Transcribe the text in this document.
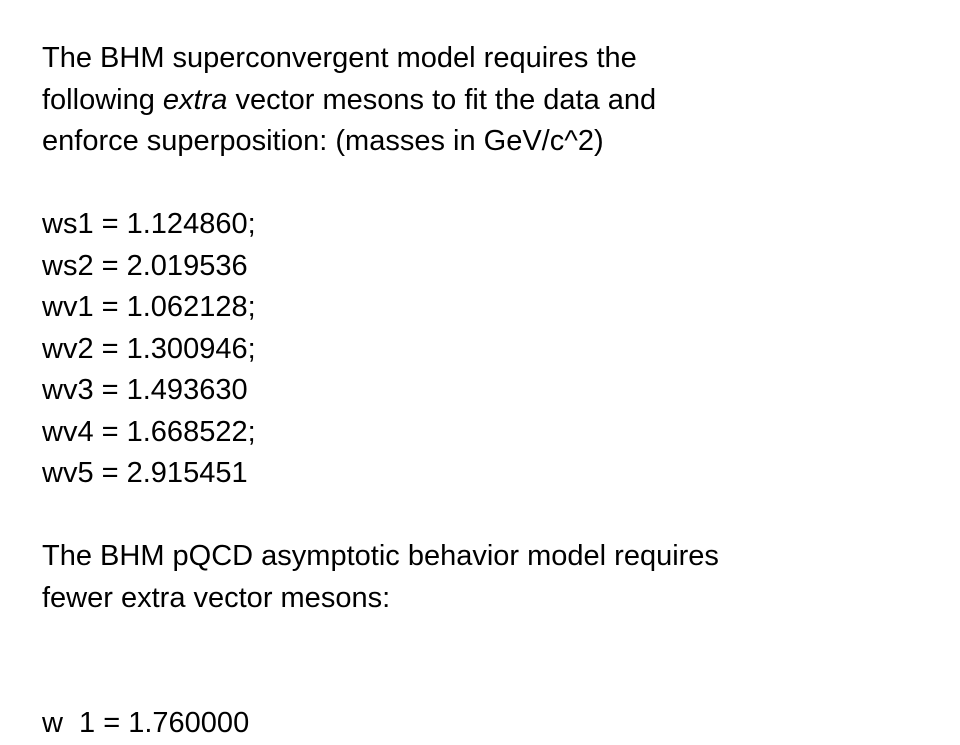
The BHM superconvergent model requires the
following extra vector mesons to fit the data and
enforce superposition: (masses in GeV/c^2)
ws1 = 1.124860;
ws2 = 2.019536
wv1 = 1.062128;
wv2 = 1.300946;
wv3 = 1.493630
wv4 = 1.668522;
wv5 = 2.915451
The BHM pQCD asymptotic behavior model requires
fewer extra vector mesons:
w  1 = 1.760000
